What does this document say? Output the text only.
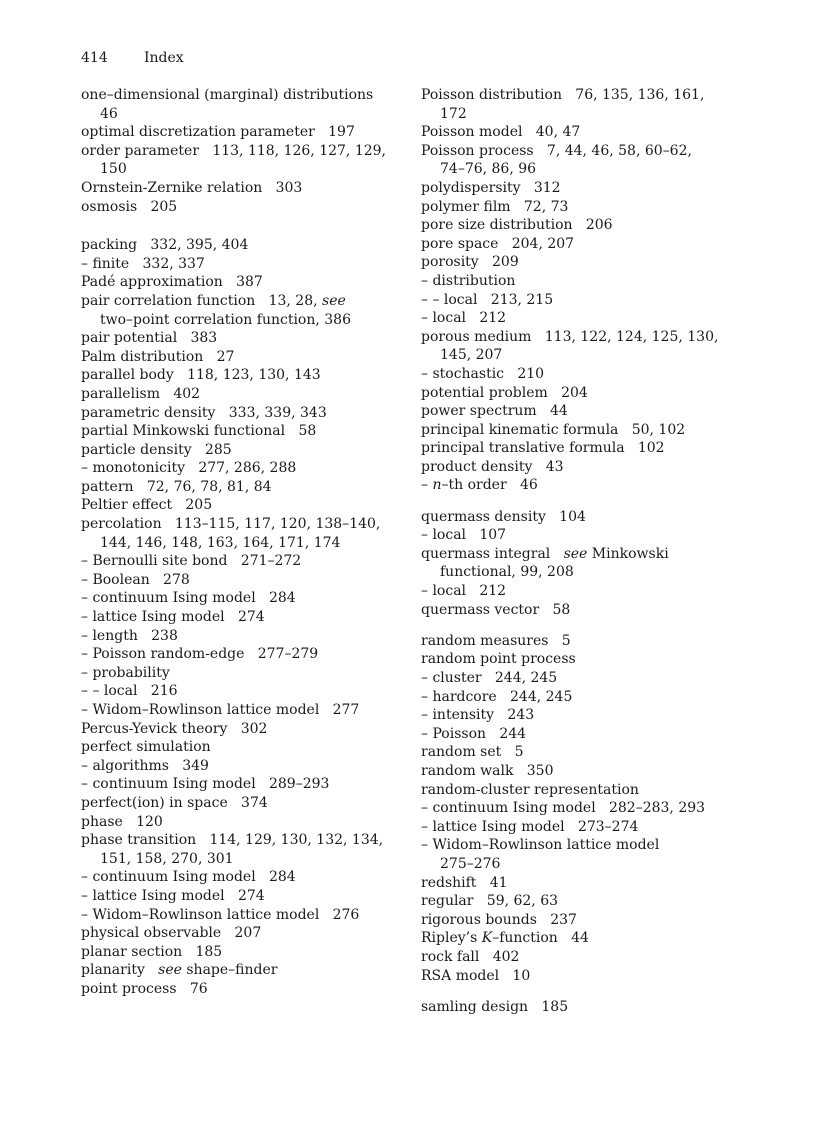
414	Index
one–dimensional (marginal) distributions
46
optimal discretization parameter 197
order parameter 113, 118, 126, 127, 129,
150
Ornstein-Zernike relation 303
osmosis 205
packing 332, 395, 404
– finite 332, 337
Padé approximation 387
pair correlation function 13, 28, see
two–point correlation function, 386
pair potential 383
Palm distribution 27
parallel body 118, 123, 130, 143
parallelism 402
parametric density 333, 339, 343
partial Minkowski functional 58
particle density 285
– monotonicity 277, 286, 288
pattern 72, 76, 78, 81, 84
Peltier effect 205
percolation 113–115, 117, 120, 138–140,
144, 146, 148, 163, 164, 171, 174
– Bernoulli site bond 271–272
– Boolean 278
– continuum Ising model 284
– lattice Ising model 274
– length 238
– Poisson random-edge 277–279
– probability
– – local 216
– Widom–Rowlinson lattice model 277
Percus-Yevick theory 302
perfect simulation
– algorithms 349
– continuum Ising model 289–293
perfect(ion) in space 374
phase 120
phase transition 114, 129, 130, 132, 134,
151, 158, 270, 301
– continuum Ising model 284
– lattice Ising model 274
– Widom–Rowlinson lattice model 276
physical observable 207
planar section 185
planarity see shape–finder
point process 76
Poisson distribution 76, 135, 136, 161,
172
Poisson model 40, 47
Poisson process 7, 44, 46, 58, 60–62,
74–76, 86, 96
polydispersity 312
polymer film 72, 73
pore size distribution 206
pore space 204, 207
porosity 209
– distribution
– – local 213, 215
– local 212
porous medium 113, 122, 124, 125, 130,
145, 207
– stochastic 210
potential problem 204
power spectrum 44
principal kinematic formula 50, 102
principal translative formula 102
product density 43
– n–th order 46
quermass density 104
– local 107
quermass integral see Minkowski
functional, 99, 208
– local 212
quermass vector 58
random measures 5
random point process
– cluster 244, 245
– hardcore 244, 245
– intensity 243
– Poisson 244
random set 5
random walk 350
random-cluster representation
– continuum Ising model 282–283, 293
– lattice Ising model 273–274
– Widom–Rowlinson lattice model
275–276
redshift 41
regular 59, 62, 63
rigorous bounds 237
Ripley’s K–function 44
rock fall 402
RSA model 10
samling design 185
